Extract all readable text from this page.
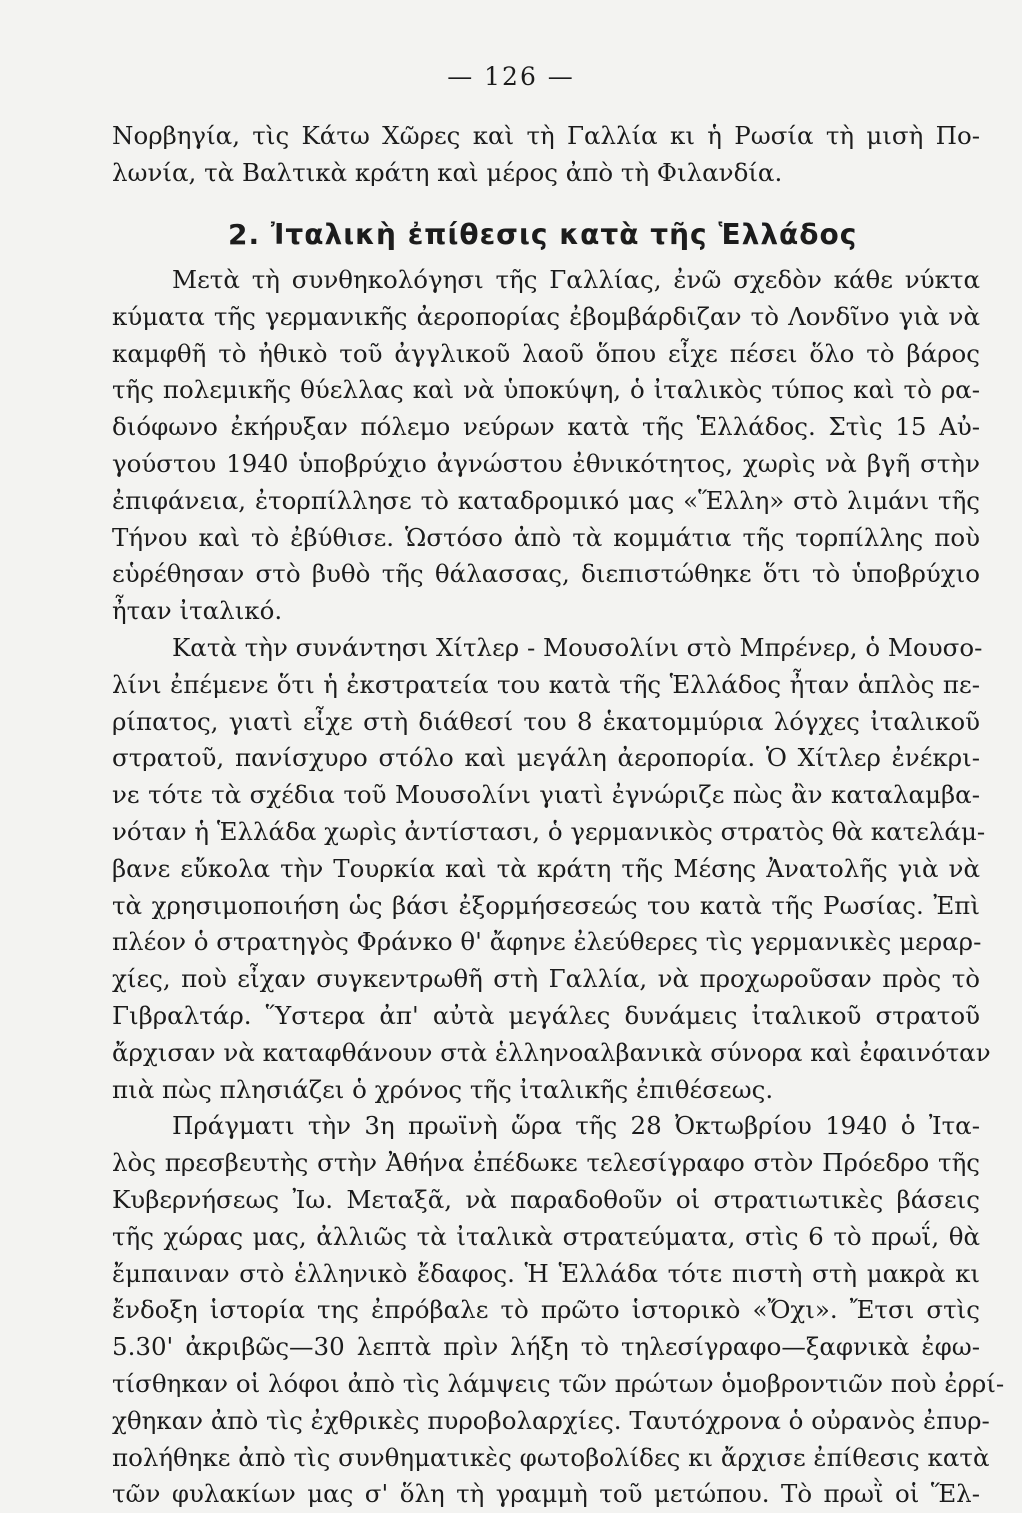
— 126 —
Νορβηγία, τὶς Κάτω Χῶρες καὶ τὴ Γαλλία κι ἡ Ρωσία τὴ μισὴ Πο-
λωνία, τὰ Βαλτικὰ κράτη καὶ μέρος ἀπὸ τὴ Φιλανδία.
2. Ἰταλικὴ ἐπίθεσις κατὰ τῆς Ἑλλάδος
Μετὰ τὴ συνθηκολόγησι τῆς Γαλλίας, ἐνῶ σχεδὸν κάθε νύκτα
κύματα τῆς γερμανικῆς ἀεροπορίας ἐβομβάρδιζαν τὸ Λονδῖνο γιὰ νὰ
καμφθῆ τὸ ἠθικὸ τοῦ ἀγγλικοῦ λαοῦ ὅπου εἶχε πέσει ὅλο τὸ βάρος
τῆς πολεμικῆς θύελλας καὶ νὰ ὑποκύψη, ὁ ἰταλικὸς τύπος καὶ τὸ ρα-
διόφωνο ἐκήρυξαν πόλεμο νεύρων κατὰ τῆς Ἑλλάδος. Στὶς 15 Αὐ-
γούστου 1940 ὑποβρύχιο ἀγνώστου ἐθνικότητος, χωρὶς νὰ βγῆ στὴν
ἐπιφάνεια, ἐτορπίλλησε τὸ καταδρομικό μας «Ἕλλη» στὸ λιμάνι τῆς
Τήνου καὶ τὸ ἐβύθισε. Ὡστόσο ἀπὸ τὰ κομμάτια τῆς τορπίλλης ποὺ
εὑρέθησαν στὸ βυθὸ τῆς θάλασσας, διεπιστώθηκε ὅτι τὸ ὑποβρύχιο
ἦταν ἰταλικό.
Κατὰ τὴν συνάντησι Χίτλερ - Μουσολίνι στὸ Μπρένερ, ὁ Μουσο-
λίνι ἐπέμενε ὅτι ἡ ἐκστρατεία του κατὰ τῆς Ἑλλάδος ἦταν ἁπλὸς πε-
ρίπατος, γιατὶ εἶχε στὴ διάθεσί του 8 ἑκατομμύρια λόγχες ἰταλικοῦ
στρατοῦ, πανίσχυρο στόλο καὶ μεγάλη ἀεροπορία. Ὁ Χίτλερ ἐνέκρι-
νε τότε τὰ σχέδια τοῦ Μουσολίνι γιατὶ ἐγνώριζε πὼς ἂν καταλαμβα-
νόταν ἡ Ἑλλάδα χωρὶς ἀντίστασι, ὁ γερμανικὸς στρατὸς θὰ κατελάμ-
βανε εὔκολα τὴν Τουρκία καὶ τὰ κράτη τῆς Μέσης Ἀνατολῆς γιὰ νὰ
τὰ χρησιμοποιήση ὡς βάσι ἐξορμήσεσεώς του κατὰ τῆς Ρωσίας. Ἐπὶ
πλέον ὁ στρατηγὸς Φράνκο θ' ἄφηνε ἐλεύθερες τὶς γερμανικὲς μεραρ-
χίες, ποὺ εἶχαν συγκεντρωθῆ στὴ Γαλλία, νὰ προχωροῦσαν πρὸς τὸ
Γιβραλτάρ. Ὕστερα ἀπ' αὐτὰ μεγάλες δυνάμεις ἰταλικοῦ στρατοῦ
ἄρχισαν νὰ καταφθάνουν στὰ ἑλληνοαλβανικὰ σύνορα καὶ ἐφαινόταν
πιὰ πὼς πλησιάζει ὁ χρόνος τῆς ἰταλικῆς ἐπιθέσεως.
Πράγματι τὴν 3η πρωϊνὴ ὥρα τῆς 28 Ὀκτωβρίου 1940 ὁ Ἰτα-
λὸς πρεσβευτὴς στὴν Ἀθήνα ἐπέδωκε τελεσίγραφο στὸν Πρόεδρο τῆς
Κυβερνήσεως Ἰω. Μεταξᾶ, νὰ παραδοθοῦν οἱ στρατιωτικὲς βάσεις
τῆς χώρας μας, ἀλλιῶς τὰ ἰταλικὰ στρατεύματα, στὶς 6 τὸ πρωΐ, θὰ
ἔμπαιναν στὸ ἑλληνικὸ ἔδαφος. Ἡ Ἑλλάδα τότε πιστὴ στὴ μακρὰ κι
ἔνδοξη ἱστορία της ἐπρόβαλε τὸ πρῶτο ἱστορικὸ «Ὄχι». Ἔτσι στὶς
5.30' ἀκριβῶς—30 λεπτὰ πρὶν λήξη τὸ τηλεσίγραφο—ξαφνικὰ ἐφω-
τίσθηκαν οἱ λόφοι ἀπὸ τὶς λάμψεις τῶν πρώτων ὁμοβροντιῶν ποὺ ἐρρί-
χθηκαν ἀπὸ τὶς ἐχθρικὲς πυροβολαρχίες. Ταυτόχρονα ὁ οὐρανὸς ἐπυρ-
πολήθηκε ἀπὸ τὶς συνθηματικὲς φωτοβολίδες κι ἄρχισε ἐπίθεσις κατὰ
τῶν φυλακίων μας σ' ὅλη τὴ γραμμὴ τοῦ μετώπου. Τὸ πρωῒ οἱ Ἕλ-
